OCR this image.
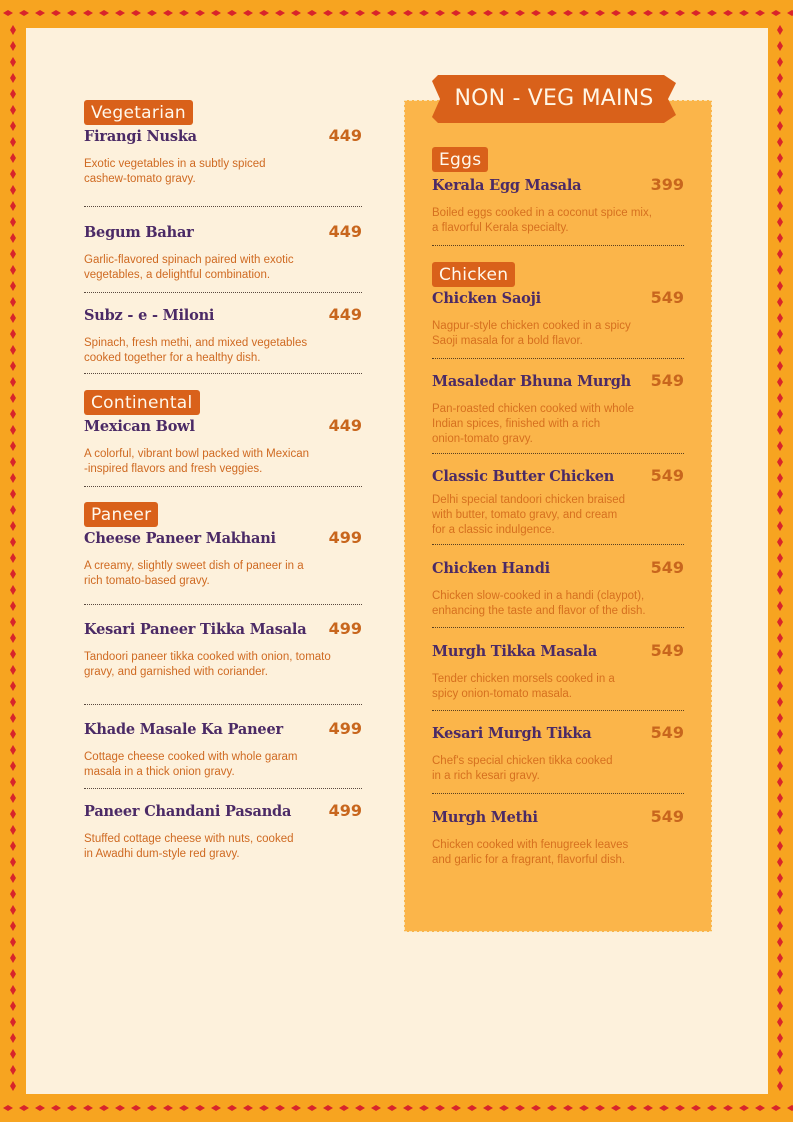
Vegetarian
Firangi Nuska	449
Exotic vegetables in a subtly spiced
cashew-tomato gravy.
Begum Bahar	449
Garlic-flavored spinach paired with exotic
vegetables, a delightful combination.
Subz - e - Miloni	449
Spinach, fresh methi, and mixed vegetables
cooked together for a healthy dish.
Continental
Mexican Bowl	449
A colorful, vibrant bowl packed with Mexican
-inspired flavors and fresh veggies.
Paneer
Cheese Paneer Makhani	499
A creamy, slightly sweet dish of paneer in a
rich tomato-based gravy.
Kesari Paneer Tikka Masala 499
Tandoori paneer tikka cooked with onion, tomato
gravy, and garnished with coriander.
Khade Masale Ka Paneer	499
Cottage cheese cooked with whole garam
masala in a thick onion gravy.
Paneer Chandani Pasanda 499
Stuffed cottage cheese with nuts, cooked
in Awadhi dum-style red gravy.
NON - VEG MAINS
Eggs
Kerala Egg Masala	399
Boiled eggs cooked in a coconut spice mix,
a flavorful Kerala specialty.
Chicken
Chicken Saoji	549
Nagpur-style chicken cooked in a spicy
Saoji masala for a bold flavor.
Masaledar Bhuna Murgh 549
Pan-roasted chicken cooked with whole
Indian spices, finished with a rich
onion-tomato gravy.
Classic Butter Chicken 549
Delhi special tandoori chicken braised
with butter, tomato gravy, and cream
for a classic indulgence.
Chicken Handi	549
Chicken slow-cooked in a handi (claypot),
enhancing the taste and flavor of the dish.
Murgh Tikka Masala	549
Tender chicken morsels cooked in a
spicy onion-tomato masala.
Kesari Murgh Tikka	549
Chef's special chicken tikka cooked
in a rich kesari gravy.
Murgh Methi	549
Chicken cooked with fenugreek leaves
and garlic for a fragrant, flavorful dish.
